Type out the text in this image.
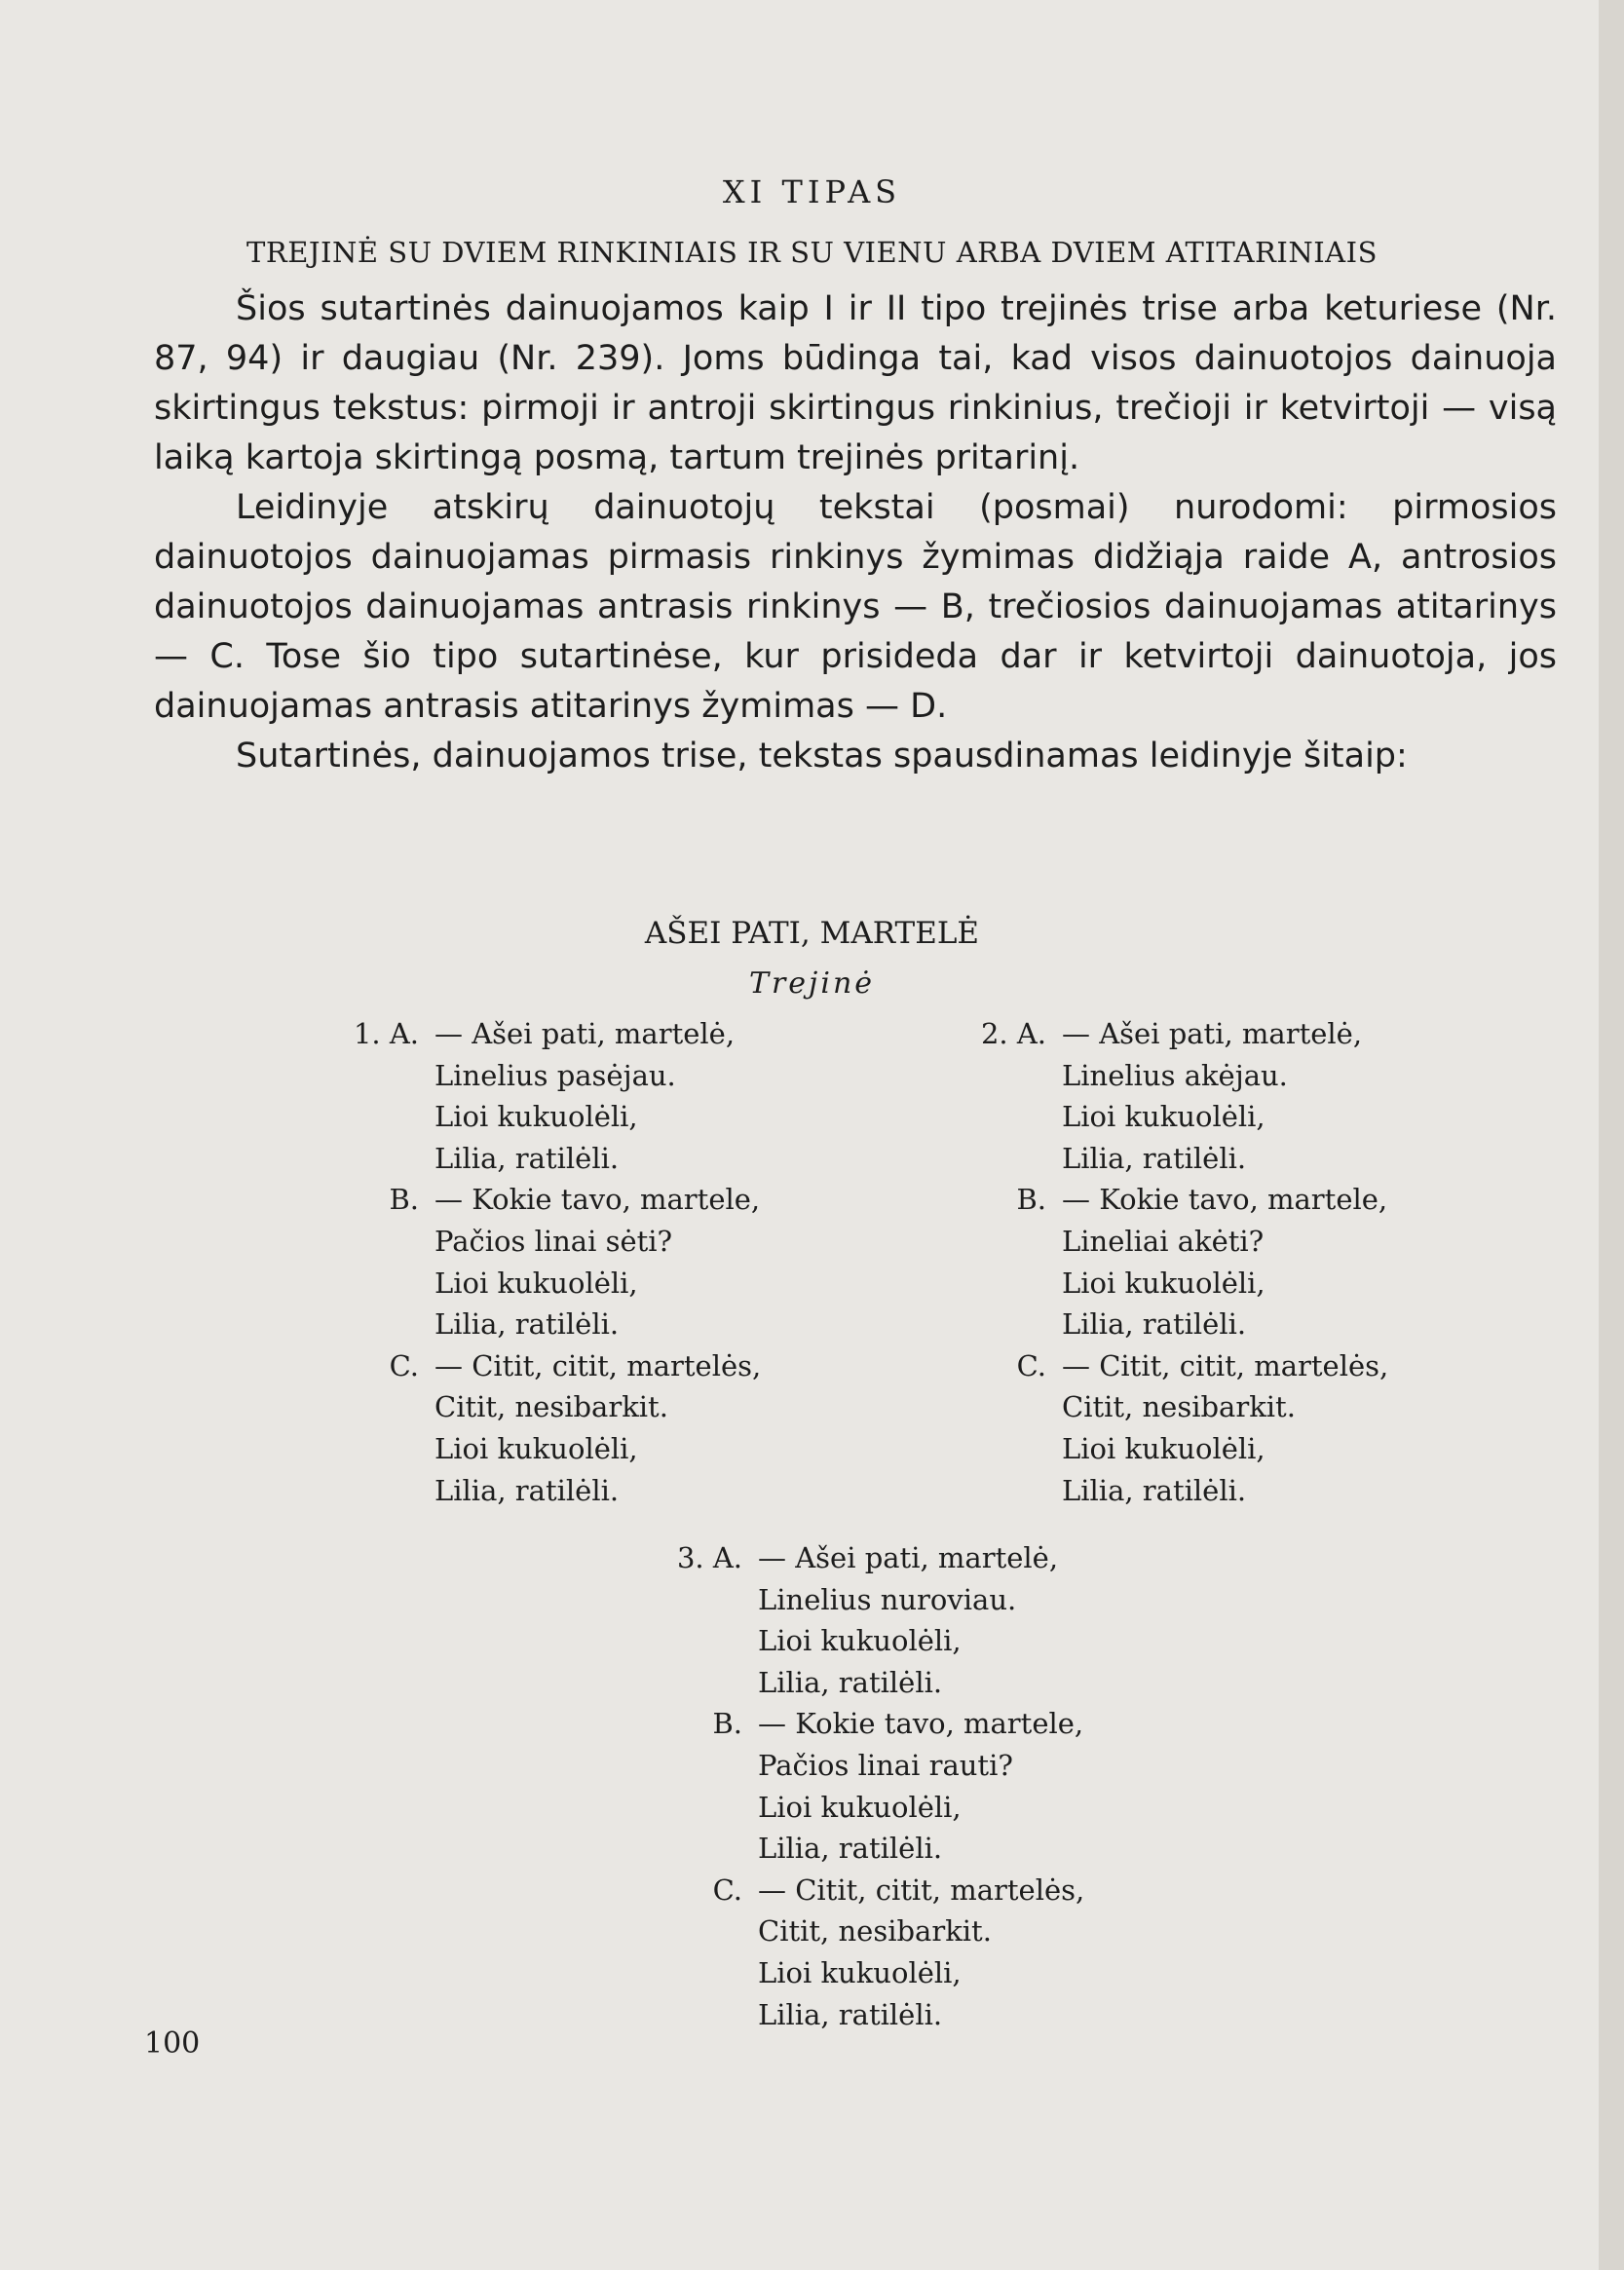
XI TIPAS
TREJINĖ SU DVIEM RINKINIAIS IR SU VIENU ARBA DVIEM ATITARINIAIS

Šios sutartinės dainuojamos kaip I ir II tipo trejinės trise arba keturiese (Nr. 87, 94) ir daugiau (Nr. 239). Joms būdinga tai, kad visos dainuotojos dainuoja skirtingus tekstus: pirmoji ir antroji skirtingus rinkinius, trečioji ir ketvirtoji — visą laiką kartoja skirtingą posmą, tartum trejinės pritarinį.

Leidinyje atskirų dainuotojų tekstai (posmai) nurodomi: pirmosios dainuotojos dainuojamas pirmasis rinkinys žymimas didžiąja raide A, antrosios dainuotojos dainuojamas antrasis rinkinys — B, trečiosios dainuojamas atitarinys — C. Tose šio tipo sutartinėse, kur prisideda dar ir ketvirtoji dainuotoja, jos dainuojamas antrasis atitarinys žymimas — D.

Sutartinės, dainuojamos trise, tekstas spausdinamas leidinyje šitaip:

AŠEI PATI, MARTELĖ
Trejinė
1. A. — Ašei pati, martelė,
Linelius pasėjau.
Lioi kukuolėli,
Lilia, ratilėli.
B. — Kokie tavo, martele,
Pačios linai sėti?
Lioi kukuolėli,
Lilia, ratilėli.
C. — Citit, citit, martelės,
Citit, nesibarkit.
Lioi kukuolėli,
Lilia, ratilėli.
2. A. — Ašei pati, martelė,
Linelius akėjau.
Lioi kukuolėli,
Lilia, ratilėli.
B. — Kokie tavo, martele,
Lineliai akėti?
Lioi kukuolėli,
Lilia, ratilėli.
C. — Citit, citit, martelės,
Citit, nesibarkit.
Lioi kukuolėli,
Lilia, ratilėli.
3. A. — Ašei pati, martelė,
Linelius nuroviau.
Lioi kukuolėli,
Lilia, ratilėli.
B. — Kokie tavo, martele,
Pačios linai rauti?
Lioi kukuolėli,
Lilia, ratilėli.
C. — Citit, citit, martelės,
Citit, nesibarkit.
Lioi kukuolėli,
Lilia, ratilėli.
100
